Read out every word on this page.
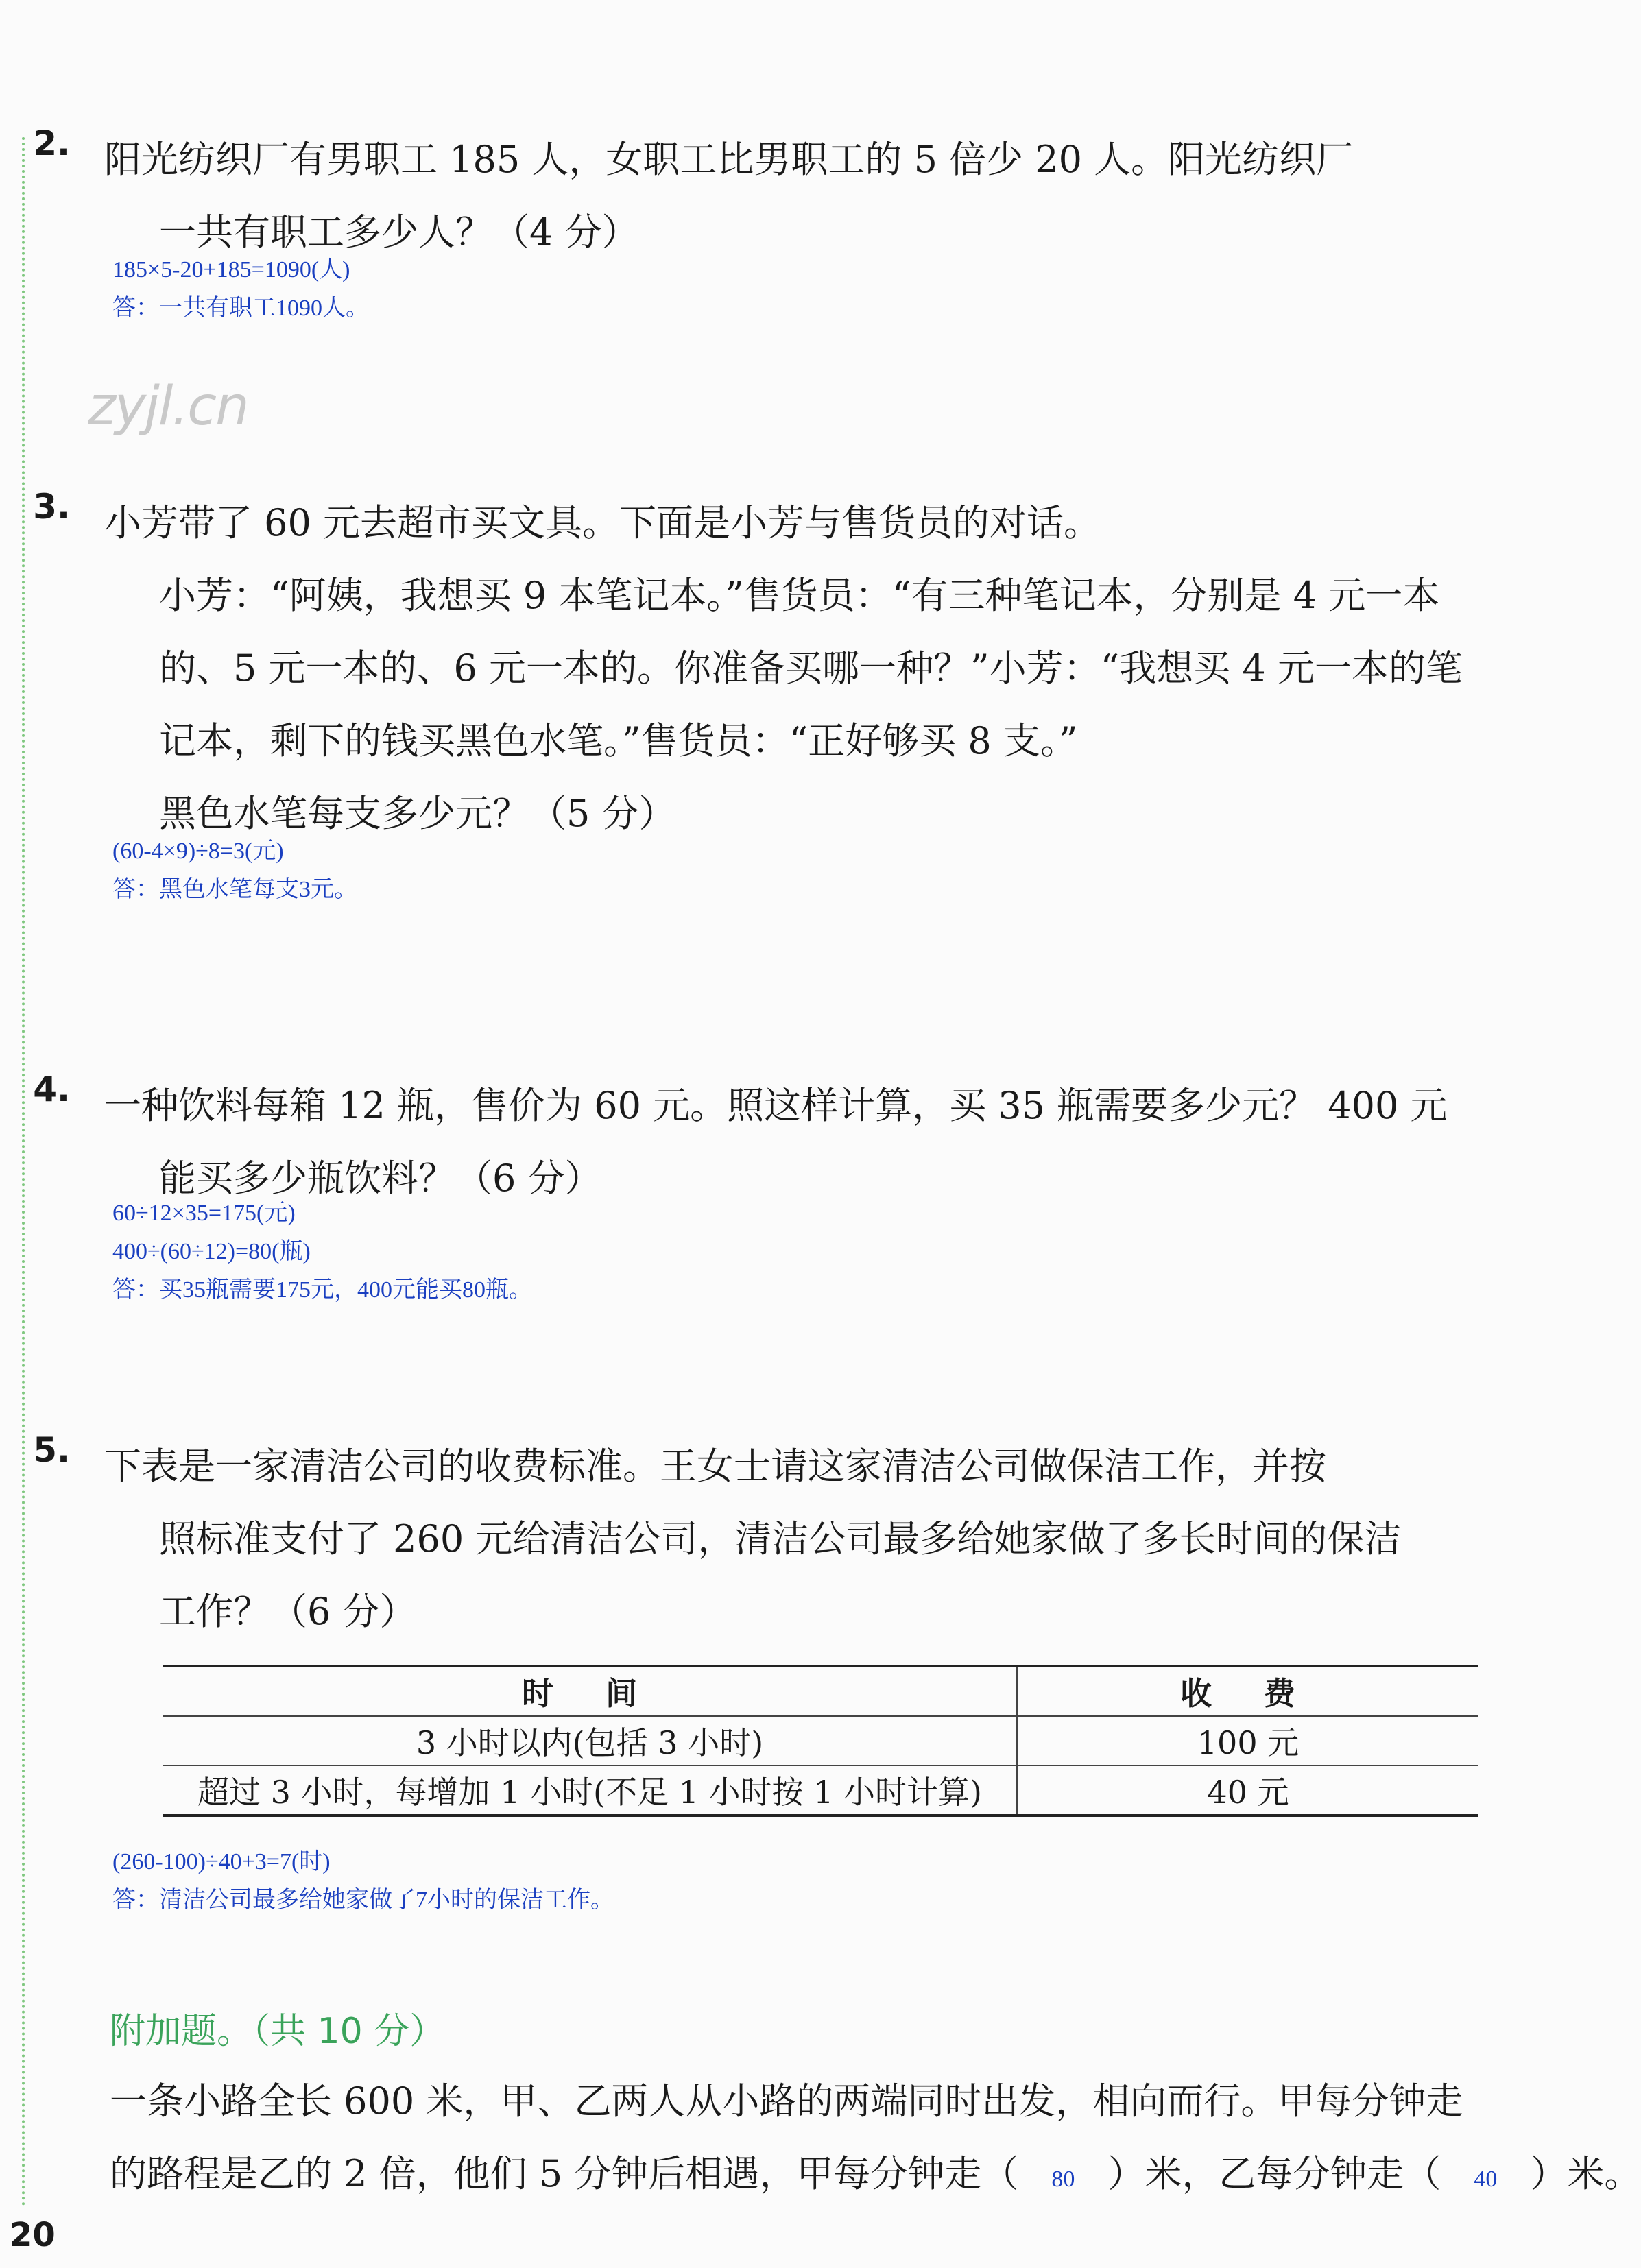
zyjl.cn
2. 阳光纺织厂有男职工 185 人，女职工比男职工的 5 倍少 20 人。阳光纺织厂
一共有职工多少人？（4 分）
185×5-20+185=1090(人)
答：一共有职工1090人。
3. 小芳带了 60 元去超市买文具。下面是小芳与售货员的对话。
小芳：“阿姨，我想买 9 本笔记本。”售货员：“有三种笔记本，分别是 4 元一本
的、5 元一本的、6 元一本的。你准备买哪一种？”小芳：“我想买 4 元一本的笔
记本，剩下的钱买黑色水笔。”售货员：“正好够买 8 支。”
黑色水笔每支多少元？（5 分）
(60-4×9)÷8=3(元)
答：黑色水笔每支3元。
4. 一种饮料每箱 12 瓶，售价为 60 元。照这样计算，买 35 瓶需要多少元？ 400 元
能买多少瓶饮料？（6 分）
60÷12×35=175(元)
400÷(60÷12)=80(瓶)
答：买35瓶需要175元，400元能买80瓶。
5. 下表是一家清洁公司的收费标准。王女士请这家清洁公司做保洁工作，并按
照标准支付了 260 元给清洁公司，清洁公司最多给她家做了多长时间的保洁
工作？（6 分）
时 间	收 费
3 小时以内(包括 3 小时)	100 元
超过 3 小时，每增加 1 小时(不足 1 小时按 1 小时计算)	40 元
(260-100)÷40+3=7(时)
答：清洁公司最多给她家做了7小时的保洁工作。
附加题。（共 10 分）
一条小路全长 600 米，甲、乙两人从小路的两端同时出发，相向而行。甲每分钟走
的路程是乙的 2 倍，他们 5 分钟后相遇，甲每分钟走（ 80 ）米，乙每分钟走（ 40 ）米。
20
